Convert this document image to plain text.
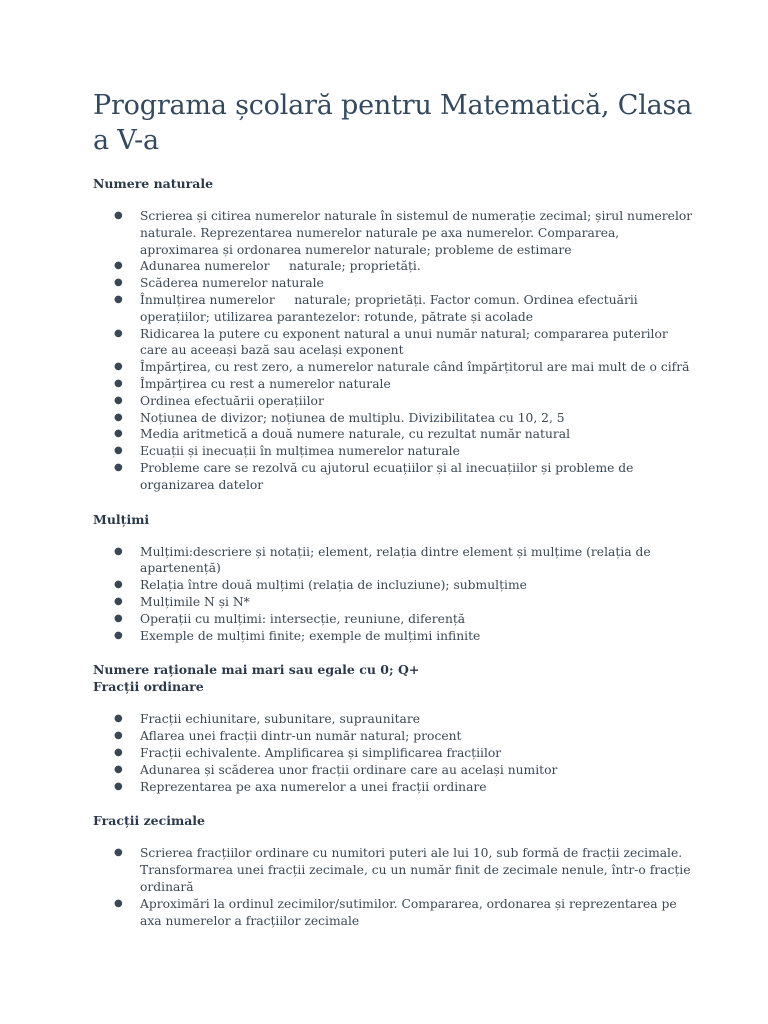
Programa școlară pentru Matematică, Clasa a V-a
Numere naturale
● Scrierea și citirea numerelor naturale în sistemul de numerație zecimal; șirul numerelor naturale. Reprezentarea numerelor naturale pe axa numerelor. Compararea, aproximarea și ordonarea numerelor naturale; probleme de estimare
● Adunarea numerelor     naturale; proprietăți.
● Scăderea numerelor naturale
● Înmulțirea numerelor     naturale; proprietăți. Factor comun. Ordinea efectuării operațiilor; utilizarea parantezelor: rotunde, pătrate și acolade
● Ridicarea la putere cu exponent natural a unui număr natural; compararea puterilor care au aceeași bază sau același exponent
● Împărțirea, cu rest zero, a numerelor naturale când împărțitorul are mai mult de o cifră
● Împărțirea cu rest a numerelor naturale
● Ordinea efectuării operațiilor
● Noțiunea de divizor; noțiunea de multiplu. Divizibilitatea cu 10, 2, 5
● Media aritmetică a două numere naturale, cu rezultat număr natural
● Ecuații și inecuații în mulțimea numerelor naturale
● Probleme care se rezolvă cu ajutorul ecuațiilor și al inecuațiilor și probleme de organizarea datelor
Mulțimi
● Mulțimi:descriere și notații; element, relația dintre element și mulțime (relația de apartenență)
● Relația între două mulțimi (relația de incluziune); submulțime
● Mulțimile N și N*
● Operații cu mulțimi: intersecție, reuniune, diferență
● Exemple de mulțimi finite; exemple de mulțimi infinite
Numere raționale mai mari sau egale cu 0; Q+
Fracții ordinare
● Fracții echiunitare, subunitare, supraunitare
● Aflarea unei fracții dintr-un număr natural; procent
● Fracții echivalente. Amplificarea și simplificarea fracțiilor
● Adunarea și scăderea unor fracții ordinare care au același numitor
● Reprezentarea pe axa numerelor a unei fracții ordinare
Fracții zecimale
● Scrierea fracțiilor ordinare cu numitori puteri ale lui 10, sub formă de fracții zecimale. Transformarea unei fracții zecimale, cu un număr finit de zecimale nenule, într-o fracție ordinară
● Aproximări la ordinul zecimilor/sutimilor. Compararea, ordonarea și reprezentarea pe axa numerelor a fracțiilor zecimale
